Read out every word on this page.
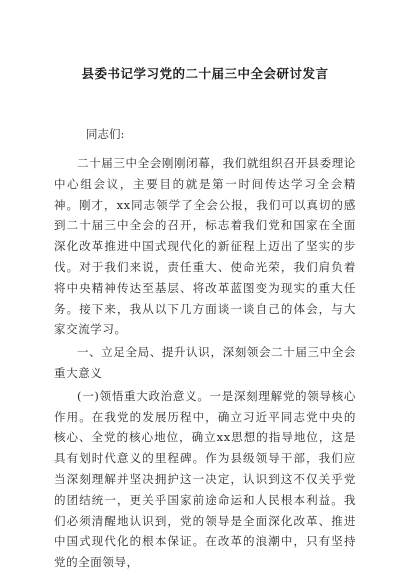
县委书记学习党的二十届三中全会研讨发言
同志们:

二十届三中全会刚刚闭幕，我们就组织召开县委理论中心组会议，主要目的就是第一时间传达学习全会精神。刚才，xx同志领学了全会公报，我们可以真切的感到二十届三中全会的召开，标志着我们党和国家在全面深化改革推进中国式现代化的新征程上迈出了坚实的步伐。对于我们来说，责任重大、使命光荣，我们肩负着将中央精神传达至基层、将改革蓝图变为现实的重大任务。接下来，我从以下几方面谈一谈自己的体会，与大家交流学习。

一、立足全局、提升认识，深刻领会二十届三中全会重大意义

(一)领悟重大政治意义。一是深刻理解党的领导核心作用。在我党的发展历程中，确立习近平同志党中央的核心、全党的核心地位，确立xx思想的指导地位，这是具有划时代意义的里程碑。作为县级领导干部，我们应当深刻理解并坚决拥护这一决定，认识到这不仅关乎党的团结统一，更关乎国家前途命运和人民根本利益。我们必须清醒地认识到，党的领导是全面深化改革、推进中国式现代化的根本保证。在改革的浪潮中，只有坚持党的全面领导，
